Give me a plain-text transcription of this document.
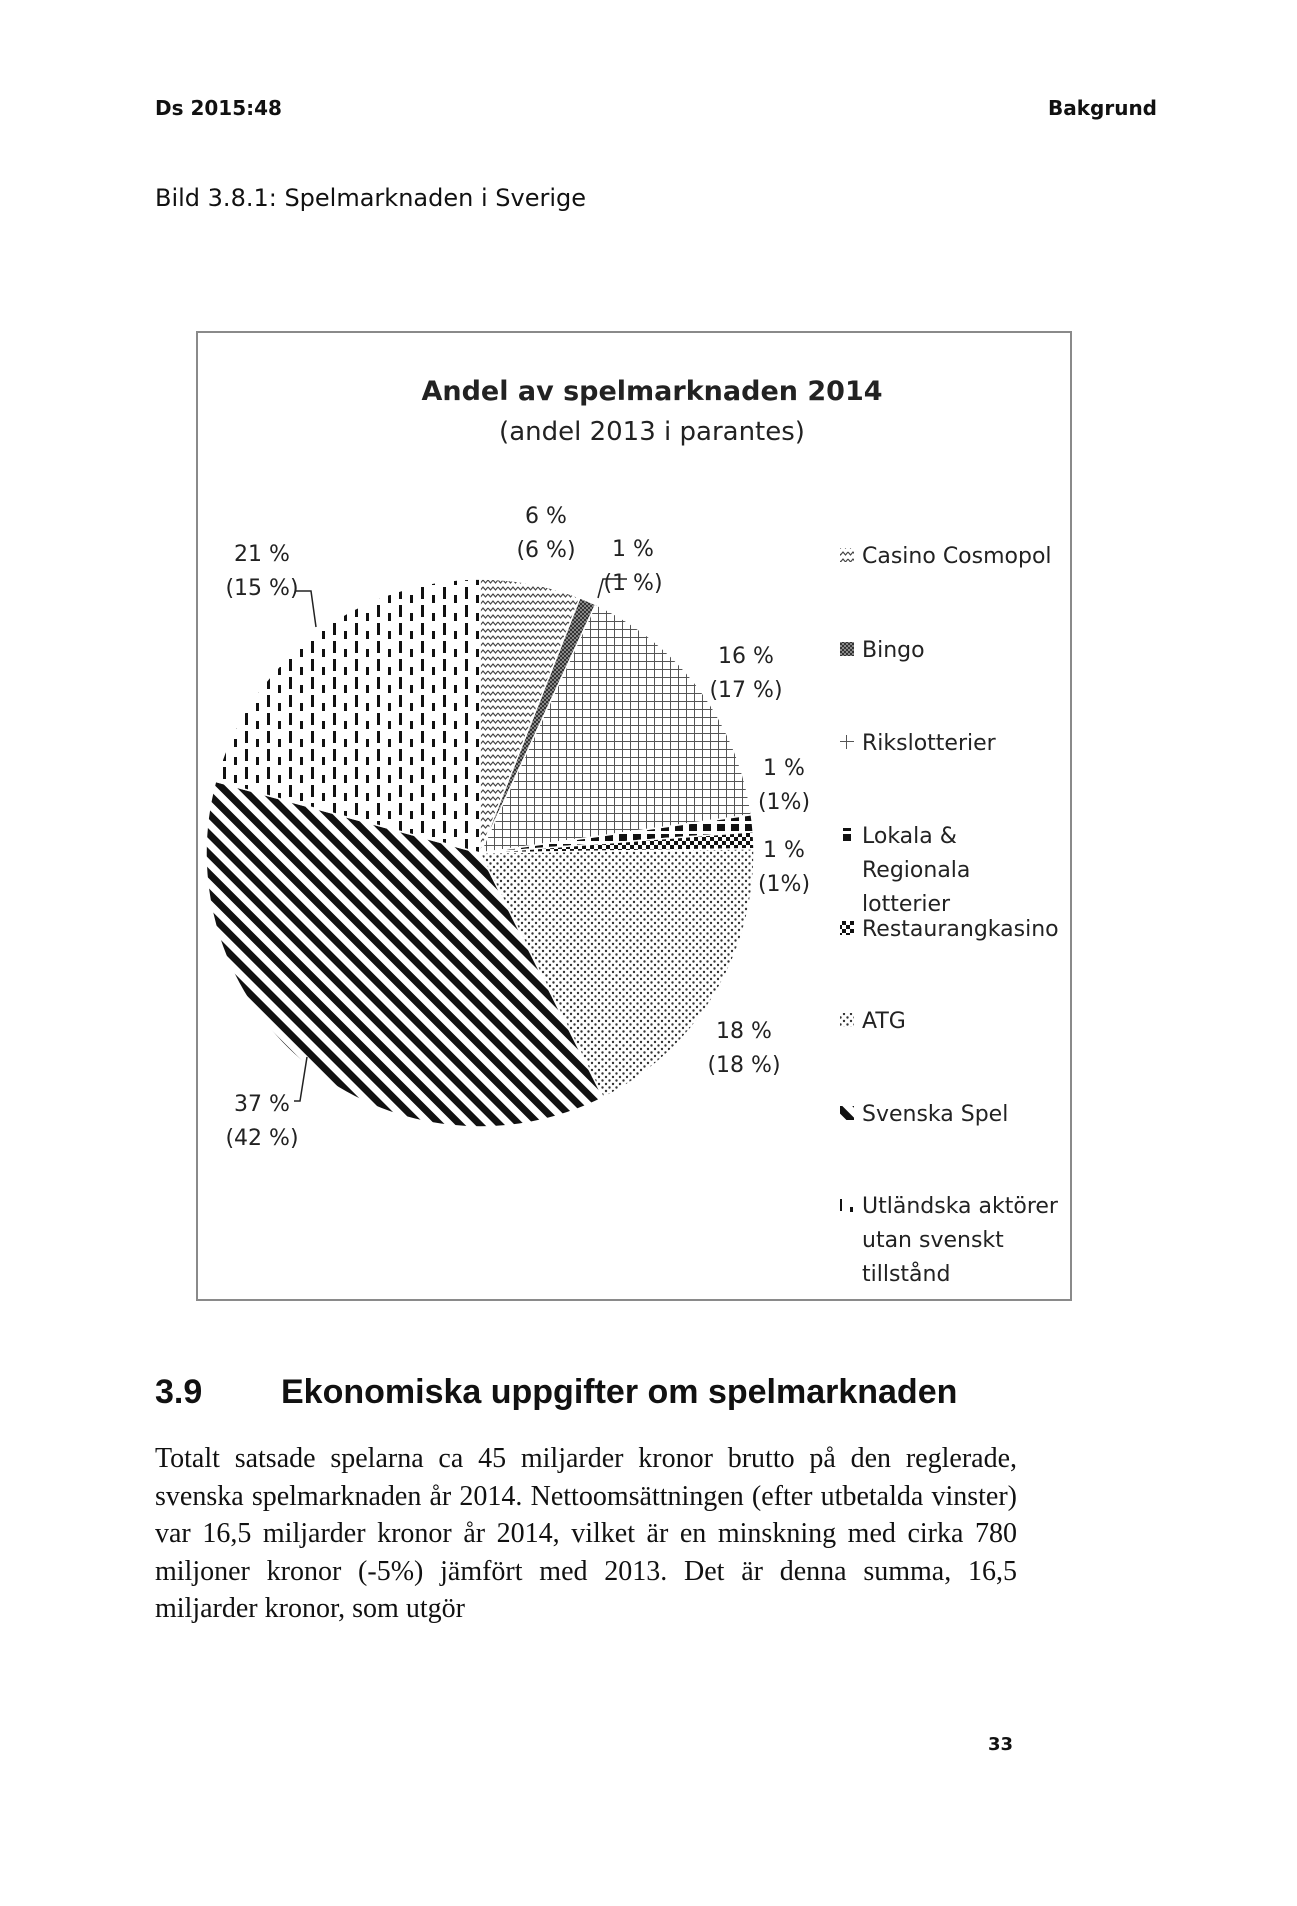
Ds 2015:48	Bakgrund
Bild 3.8.1: Spelmarknaden i Sverige
Andel av spelmarknaden 2014
(andel 2013 i parantes)
6 %
(6 %) 1 %
(1 %)
16 %
(17 %)
1 %
(1%)
1 %
(1%)
18 %
(18 %)
37 %
(42 %)
21 %
(15 %)
Casino Cosmopol
Bingo
Rikslotterier
Lokala &
Regionala
lotterier
Restaurangkasino
ATG
Svenska Spel
Utländska aktörer
utan svenskt
tillstånd
3.9 Ekonomiska uppgifter om spelmarknaden
Totalt satsade spelarna ca 45 miljarder kronor brutto på den reglerade, svenska spelmarknaden år 2014. Nettoomsättningen (efter utbetalda vinster) var 16,5 miljarder kronor år 2014, vilket är en minskning med cirka 780 miljoner kronor (-5%) jämfört med 2013. Det är denna summa, 16,5 miljarder kronor, som utgör
33
